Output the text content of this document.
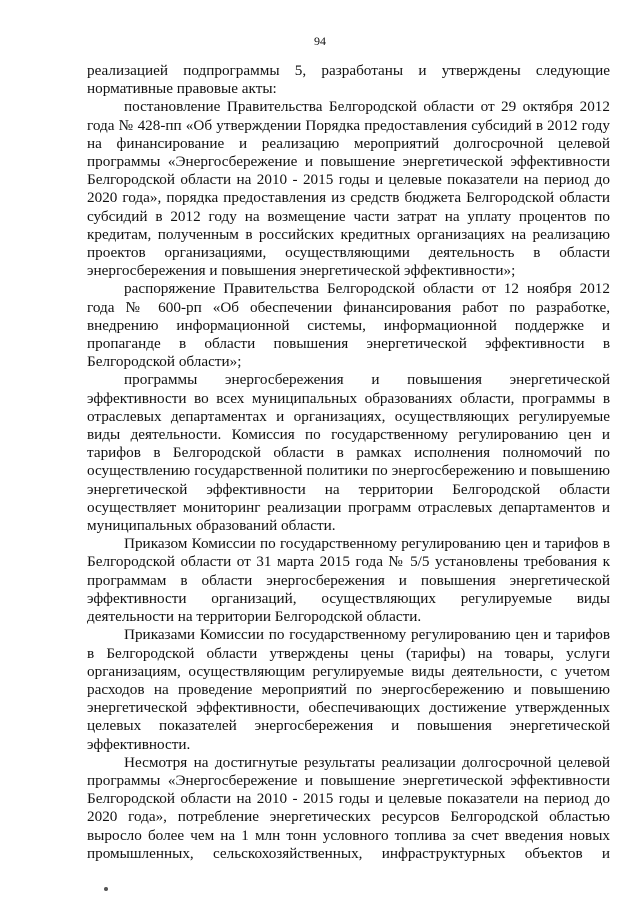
94

реализацией подпрограммы 5, разработаны и утверждены следующие нормативные правовые акты:

постановление Правительства Белгородской области от 29 октября 2012 года № 428-пп «Об утверждении Порядка предоставления субсидий в 2012 году на финансирование и реализацию мероприятий долгосрочной целевой программы «Энергосбережение и повышение энергетической эффективности Белгородской области на 2010 - 2015 годы и целевые показатели на период до 2020 года», порядка предоставления из средств бюджета Белгородской области субсидий в 2012 году на возмещение части затрат на уплату процентов по кредитам, полученным в российских кредитных организациях на реализацию проектов организациями, осуществляющими деятельность в области энергосбережения и повышения энергетической эффективности»;

распоряжение Правительства Белгородской области от 12 ноября 2012 года № 600-рп «Об обеспечении финансирования работ по разработке, внедрению информационной системы, информационной поддержке и пропаганде в области повышения энергетической эффективности в Белгородской области»;

программы энергосбережения и повышения энергетической эффективности во всех муниципальных образованиях области, программы в отраслевых департаментах и организациях, осуществляющих регулируемые виды деятельности. Комиссия по государственному регулированию цен и тарифов в Белгородской области в рамках исполнения полномочий по осуществлению государственной политики по энергосбережению и повышению энергетической эффективности на территории Белгородской области осуществляет мониторинг реализации программ отраслевых департаментов и муниципальных образований области.

Приказом Комиссии по государственному регулированию цен и тарифов в Белгородской области от 31 марта 2015 года № 5/5 установлены требования к программам в области энергосбережения и повышения энергетической эффективности организаций, осуществляющих регулируемые виды деятельности на территории Белгородской области.

Приказами Комиссии по государственному регулированию цен и тарифов в Белгородской области утверждены цены (тарифы) на товары, услуги организациям, осуществляющим регулируемые виды деятельности, с учетом расходов на проведение мероприятий по энергосбережению и повышению энергетической эффективности, обеспечивающих достижение утвержденных целевых показателей энергосбережения и повышения энергетической эффективности.

Несмотря на достигнутые результаты реализации долгосрочной целевой программы «Энергосбережение и повышение энергетической эффективности Белгородской области на 2010 - 2015 годы и целевые показатели на период до 2020 года», потребление энергетических ресурсов Белгородской областью выросло более чем на 1 млн тонн условного топлива за счет введения новых промышленных, сельскохозяйственных, инфраструктурных объектов и
